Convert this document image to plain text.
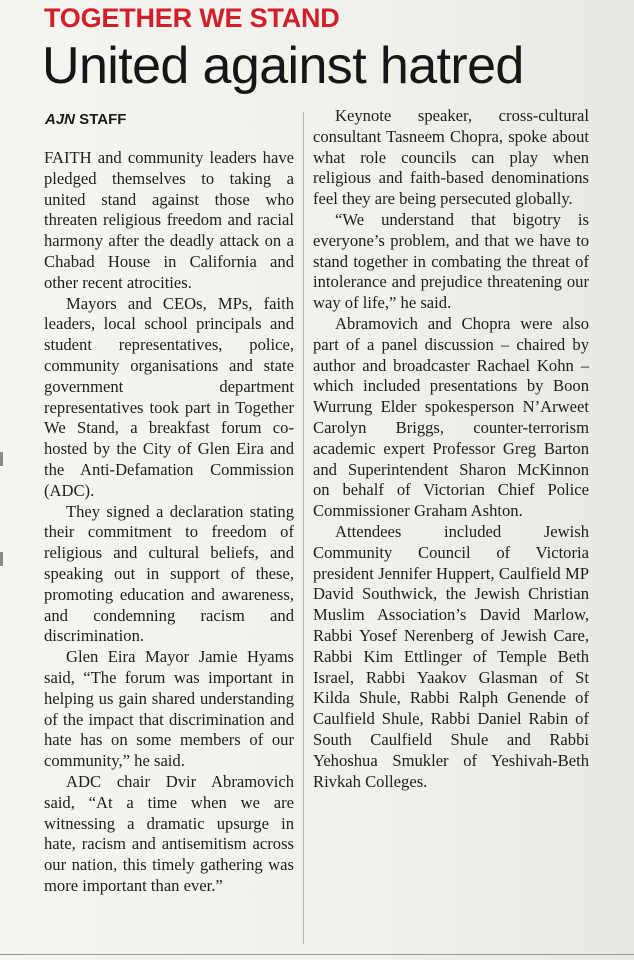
TOGETHER WE STAND
United against hatred
AJN STAFF

FAITH and community leaders have pledged themselves to taking a united stand against those who threaten religious freedom and racial harmony after the deadly attack on a Chabad House in California and other recent atrocities.

Mayors and CEOs, MPs, faith leaders, local school principals and student representatives, police, community organisations and state government department representatives took part in Together We Stand, a breakfast forum co-hosted by the City of Glen Eira and the Anti-Defamation Commission (ADC).

They signed a declaration stating their commitment to freedom of religious and cultural beliefs, and speaking out in support of these, promoting education and awareness, and condemning racism and discrimination.

Glen Eira Mayor Jamie Hyams said, “The forum was important in helping us gain shared understanding of the impact that discrimination and hate has on some members of our community,” he said.

ADC chair Dvir Abramovich said, “At a time when we are witnessing a dramatic upsurge in hate, racism and antisemitism across our nation, this timely gathering was more important than ever.”

Keynote speaker, cross-cultural consultant Tasneem Chopra, spoke about what role councils can play when religious and faith-based denominations feel they are being persecuted globally.

“We understand that bigotry is everyone’s problem, and that we have to stand together in combating the threat of intolerance and prejudice threatening our way of life,” he said.

Abramovich and Chopra were also part of a panel discussion – chaired by author and broadcaster Rachael Kohn – which included presentations by Boon Wurrung Elder spokesperson N’Arweet Carolyn Briggs, counter-terrorism academic expert Professor Greg Barton and Superintendent Sharon McKinnon on behalf of Victorian Chief Police Commissioner Graham Ashton.

Attendees included Jewish Community Council of Victoria president Jennifer Huppert, Caulfield MP David Southwick, the Jewish Christian Muslim Association’s David Marlow, Rabbi Yosef Nerenberg of Jewish Care, Rabbi Kim Ettlinger of Temple Beth Israel, Rabbi Yaakov Glasman of St Kilda Shule, Rabbi Ralph Genende of Caulfield Shule, Rabbi Daniel Rabin of South Caulfield Shule and Rabbi Yehoshua Smukler of Yeshivah-Beth Rivkah Colleges.
